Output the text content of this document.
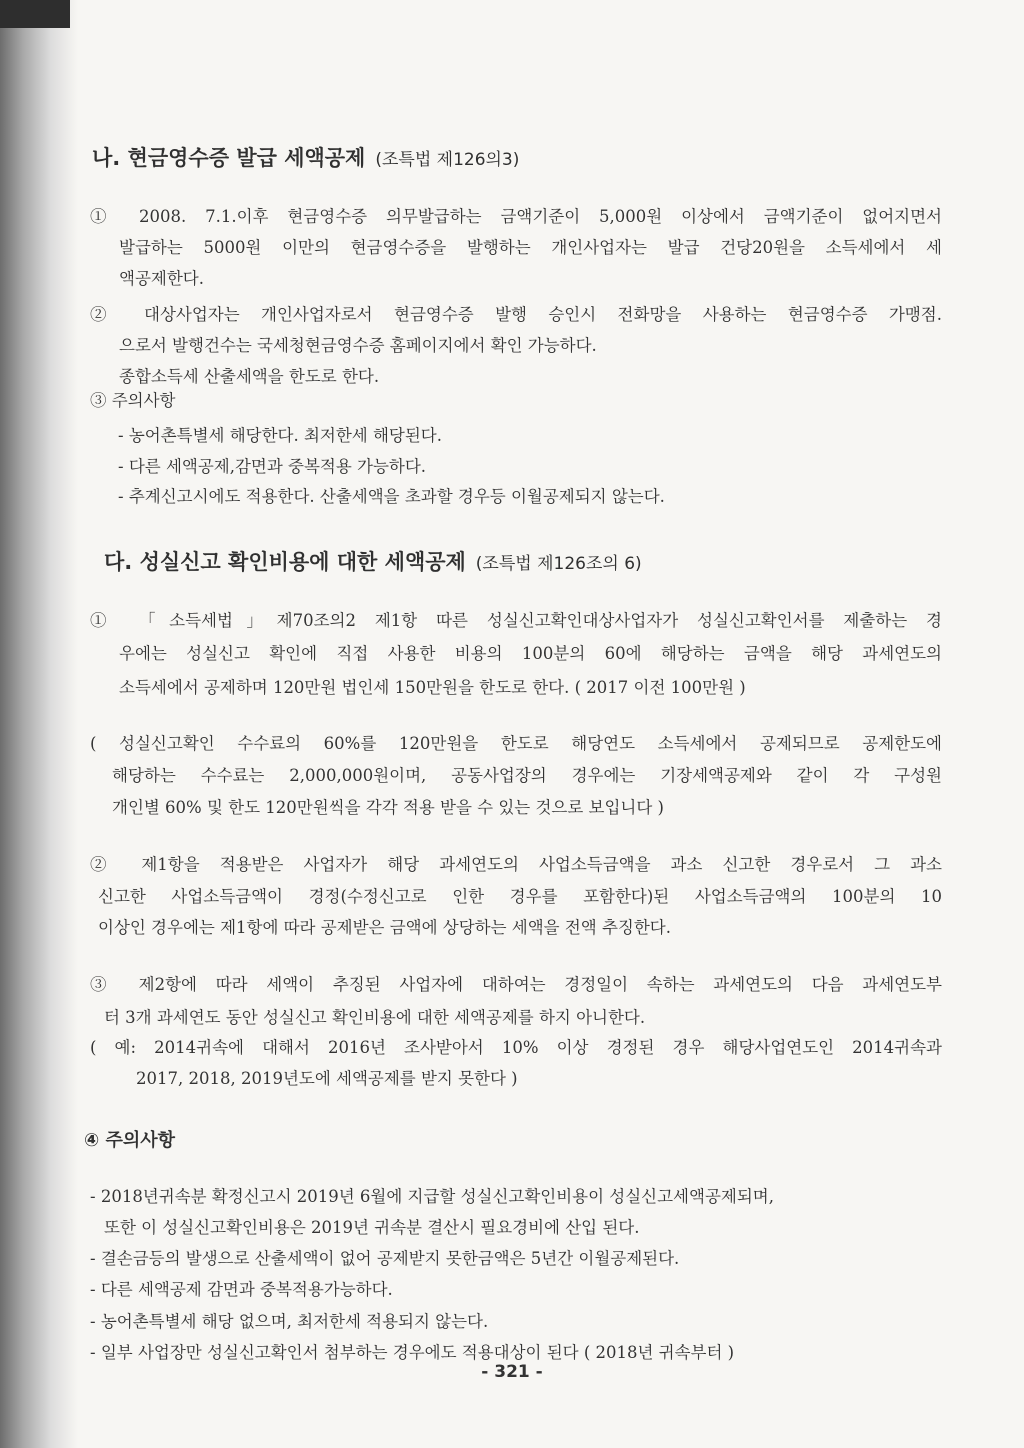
나. 현금영수증 발급 세액공제 (조특법 제126의3)
① 2008. 7.1.이후 현금영수증 의무발급하는 금액기준이 5,000원 이상에서 금액기준이 없어지면서
발급하는 5000원 이만의 현금영수증을 발행하는 개인사업자는 발급 건당20원을 소득세에서 세
액공제한다.
② 대상사업자는 개인사업자로서 현금영수증 발행 승인시 전화망을 사용하는 현금영수증 가맹점.
으로서 발행건수는 국세청현금영수증 홈페이지에서 확인 가능하다.
종합소득세 산출세액을 한도로 한다.
③ 주의사항
- 농어촌특별세 해당한다. 최저한세 해당된다.
- 다른 세액공제,감면과 중복적용 가능하다.
- 추계신고시에도 적용한다. 산출세액을 초과할 경우등 이월공제되지 않는다.
다. 성실신고 확인비용에 대한 세액공제 (조특법 제126조의 6)
① 「소득세법」제70조의2 제1항 따른 성실신고확인대상사업자가 성실신고확인서를 제출하는 경
우에는 성실신고 확인에 직접 사용한 비용의 100분의 60에 해당하는 금액을 해당 과세연도의
소득세에서 공제하며 120만원 법인세 150만원을 한도로 한다. ( 2017 이전 100만원 )
( 성실신고확인 수수료의 60%를 120만원을 한도로 해당연도 소득세에서 공제되므로 공제한도에
해당하는 수수료는 2,000,000원이며, 공동사업장의 경우에는 기장세액공제와 같이 각 구성원
개인별 60% 및 한도 120만원씩을 각각 적용 받을 수 있는 것으로 보입니다 )
② 제1항을 적용받은 사업자가 해당 과세연도의 사업소득금액을 과소 신고한 경우로서 그 과소
신고한 사업소득금액이 경정(수정신고로 인한 경우를 포함한다)된 사업소득금액의 100분의 10
이상인 경우에는 제1항에 따라 공제받은 금액에 상당하는 세액을 전액 추징한다.
③ 제2항에 따라 세액이 추징된 사업자에 대하여는 경정일이 속하는 과세연도의 다음 과세연도부
터 3개 과세연도 동안 성실신고 확인비용에 대한 세액공제를 하지 아니한다.
( 예: 2014귀속에 대해서 2016년 조사받아서 10% 이상 경정된 경우 해당사업연도인 2014귀속과
2017, 2018, 2019년도에 세액공제를 받지 못한다 )
④ 주의사항
- 2018년귀속분 확정신고시 2019년 6월에 지급할 성실신고확인비용이 성실신고세액공제되며,
또한 이 성실신고확인비용은 2019년 귀속분 결산시 필요경비에 산입 된다.
- 결손금등의 발생으로 산출세액이 없어 공제받지 못한금액은 5년간 이월공제된다.
- 다른 세액공제 감면과 중복적용가능하다.
- 농어촌특별세 해당 없으며, 최저한세 적용되지 않는다.
- 일부 사업장만 성실신고확인서 첨부하는 경우에도 적용대상이 된다 ( 2018년 귀속부터 )
- 321 -
